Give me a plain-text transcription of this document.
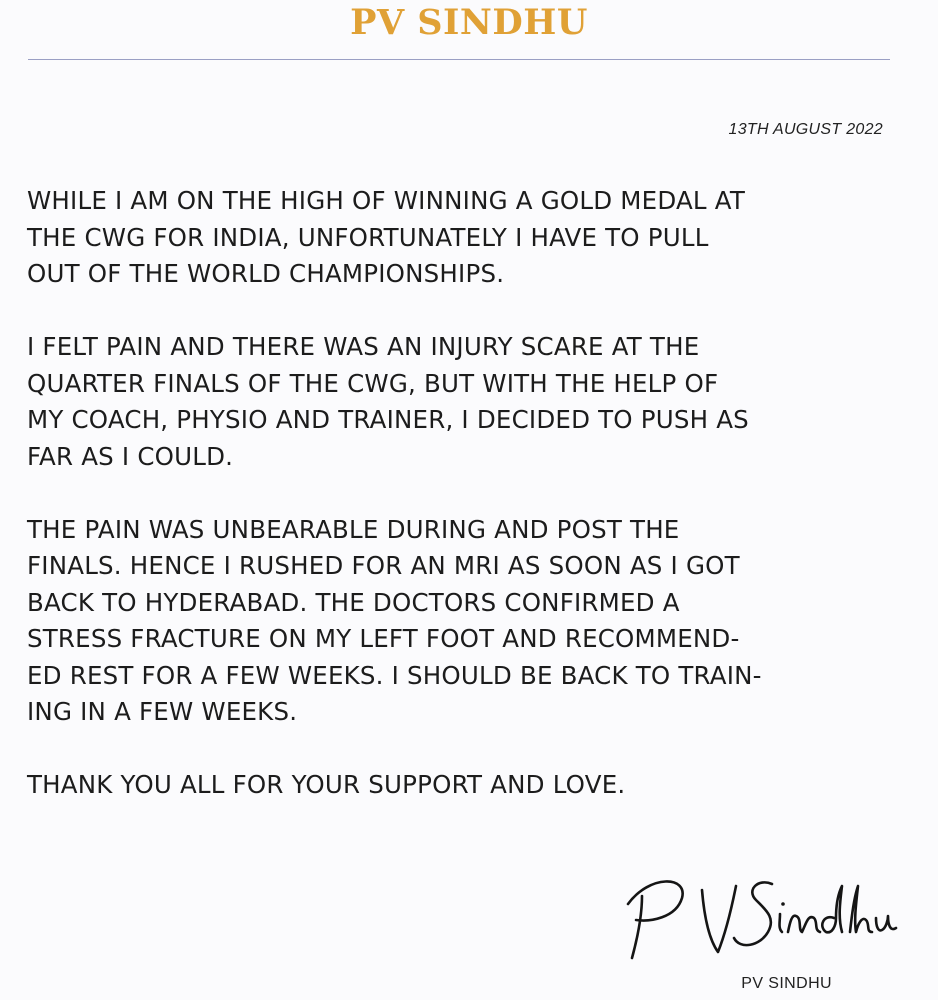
PV SINDHU
13TH AUGUST 2022

WHILE I AM ON THE HIGH OF WINNING A GOLD MEDAL AT
THE CWG FOR INDIA, UNFORTUNATELY I HAVE TO PULL
OUT OF THE WORLD CHAMPIONSHIPS.

I FELT PAIN AND THERE WAS AN INJURY SCARE AT THE
QUARTER FINALS OF THE CWG, BUT WITH THE HELP OF
MY COACH, PHYSIO AND TRAINER, I DECIDED TO PUSH AS
FAR AS I COULD.

THE PAIN WAS UNBEARABLE DURING AND POST THE
FINALS. HENCE I RUSHED FOR AN MRI AS SOON AS I GOT
BACK TO HYDERABAD. THE DOCTORS CONFIRMED A
STRESS FRACTURE ON MY LEFT FOOT AND RECOMMEND-
ED REST FOR A FEW WEEKS. I SHOULD BE BACK TO TRAIN-
ING IN A FEW WEEKS.

THANK YOU ALL FOR YOUR SUPPORT AND LOVE.

PV SINDHU
